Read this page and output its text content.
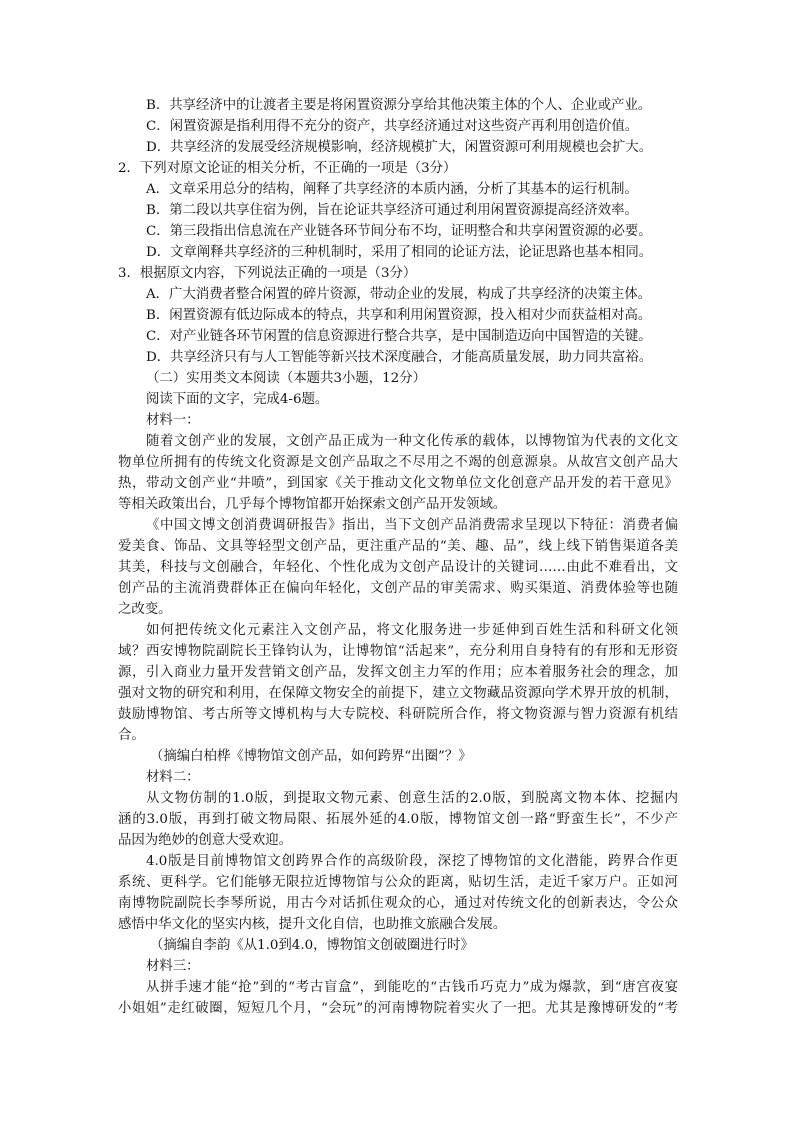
B．共享经济中的让渡者主要是将闲置资源分享给其他决策主体的个人、企业或产业。
C．闲置资源是指利用得不充分的资产，共享经济通过对这些资产再利用创造价值。
D．共享经济的发展受经济规模影响，经济规模扩大，闲置资源可利用规模也会扩大。
2．下列对原文论证的相关分析，不正确的一项是（3分）
A．文章采用总分的结构，阐释了共享经济的本质内涵，分析了其基本的运行机制。
B．第二段以共享住宿为例，旨在论证共享经济可通过利用闲置资源提高经济效率。
C．第三段指出信息流在产业链各环节间分布不均，证明整合和共享闲置资源的必要。
D．文章阐释共享经济的三种机制时，采用了相同的论证方法，论证思路也基本相同。
3．根据原文内容，下列说法正确的一项是（3分）
A．广大消费者整合闲置的碎片资源，带动企业的发展，构成了共享经济的决策主体。
B．闲置资源有低边际成本的特点，共享和利用闲置资源，投入相对少而获益相对高。
C．对产业链各环节闲置的信息资源进行整合共享，是中国制造迈向中国智造的关键。
D．共享经济只有与人工智能等新兴技术深度融合，才能高质量发展，助力同共富裕。
（二）实用类文本阅读（本题共3小题，12分）
阅读下面的文字，完成4-6题。
材料一：
随着文创产业的发展，文创产品正成为一种文化传承的载体，以博物馆为代表的文化文
物单位所拥有的传统文化资源是文创产品取之不尽用之不竭的创意源泉。从故宫文创产品大
热，带动文创产业“井喷”，到国家《关于推动文化文物单位文化创意产品开发的若干意见》
等相关政策出台，几乎每个博物馆都开始探索文创产品开发领域。
《中国文博文创消费调研报告》指出，当下文创产品消费需求呈现以下特征：消费者偏
爱美食、饰品、文具等轻型文创产品，更注重产品的“美、趣、品”，线上线下销售渠道各美
其美，科技与文创融合，年轻化、个性化成为文创产品设计的关键词……由此不难看出，文
创产品的主流消费群体正在偏向年轻化，文创产品的审美需求、购买渠道、消费体验等也随
之改变。
如何把传统文化元素注入文创产品，将文化服务进一步延伸到百姓生活和科研文化领
域？西安博物院副院长王锋钧认为，让博物馆“活起来”，充分利用自身特有的有形和无形资
源，引入商业力量开发营销文创产品，发挥文创主力军的作用；应本着服务社会的理念，加
强对文物的研究和利用，在保障文物安全的前提下，建立文物藏品资源向学术界开放的机制，
鼓励博物馆、考古所等文博机构与大专院校、科研院所合作，将文物资源与智力资源有机结
合。
（摘编白柏桦《博物馆文创产品，如何跨界“出圈”？》
材料二：
从文物仿制的1.0版，到提取文物元素、创意生活的2.0版，到脱离文物本体、挖掘内
涵的3.0版，再到打破文物局限、拓展外延的4.0版，博物馆文创一路“野蛮生长”，不少产
品因为绝妙的创意大受欢迎。
4.0版是目前博物馆文创跨界合作的高级阶段，深挖了博物馆的文化潜能，跨界合作更
系统、更科学。它们能够无限拉近博物馆与公众的距离，贴切生活，走近千家万户。正如河
南博物院副院长李琴所说，用古今对话抓住观众的心，通过对传统文化的创新表达，令公众
感悟中华文化的坚实内核，提升文化自信，也助推文旅融合发展。
（摘编自李韵《从1.0到4.0，博物馆文创破圈进行时》
材料三：
从拼手速才能“抢”到的“考古盲盒”，到能吃的“古钱币巧克力”成为爆款，到“唐宫夜宴
小姐姐”走红破圈，短短几个月，“会玩”的河南博物院着实火了一把。尤其是豫博研发的“考
